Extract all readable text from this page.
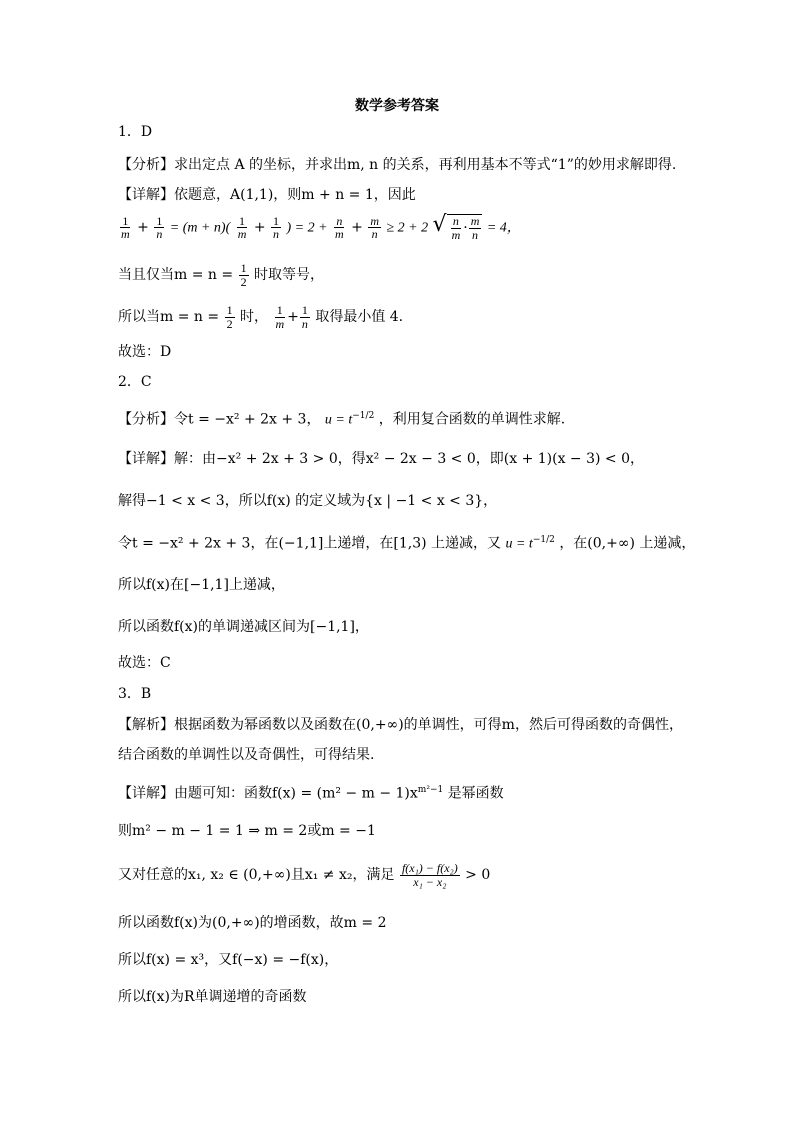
数学参考答案
1．D
【分析】求出定点 A 的坐标，并求出m, n 的关系，再利用基本不等式“1”的妙用求解即得.
【详解】依题意，A(1,1)，则m + n = 1，因此
$\frac{1}{m} + \frac{1}{n} = (m + n)( \frac{1}{m} + \frac{1}{n}$ ) = $2 + \frac{n}{m} + \frac{m}{n} \ge 2 + 2$ √ $\frac{n}{m} \cdot \frac{m}{n} = 4$，
当且仅当$m = n = \frac{1}{2}$ 时取等号，
所以当$m = n = \frac{1}{2}$ 时， $\frac{1}{m} + \frac{1}{n}$ 取得最小值 4.
故选：D
2．C
【分析】令t = −x² + 2x + 3， $u = t^{-1/2}$ ，利用复合函数的单调性求解.
【详解】解：由−x² + 2x + 3 > 0，得x² − 2x − 3 < 0，即(x + 1)(x − 3) < 0，
解得−1 < x < 3，所以f(x) 的定义域为{x | −1 < x < 3}，
令t = −x² + 2x + 3，在(−1,1]上递增，在[1,3) 上递减，又 $u = t^{-1/2}$ ，在(0,+∞) 上递减，
所以f(x)在[−1,1]上递减，
所以函数f(x)的单调递减区间为[−1,1]，
故选：C
3．B
【解析】根据函数为幂函数以及函数在(0,+∞)的单调性，可得m，然后可得函数的奇偶性，
结合函数的单调性以及奇偶性，可得结果.
【详解】由题可知：函数$f(x) = (m^2 - m - 1)x^{m^2-1}$ 是幂函数
则m² − m − 1 = 1 ⇒ m = 2或m = −1
又对任意的x₁, x₂ ∈ (0,+∞)且x₁ ≠ x₂，满足 $\frac{\text{f(x₁) − f(x₂)}}{\text{x₁ − x₂}} > 0$
所以函数f(x)为(0,+∞)的增函数，故m = 2
所以f(x) = x³，又f(−x) = −f(x)，
所以f(x)为R单调递增的奇函数
